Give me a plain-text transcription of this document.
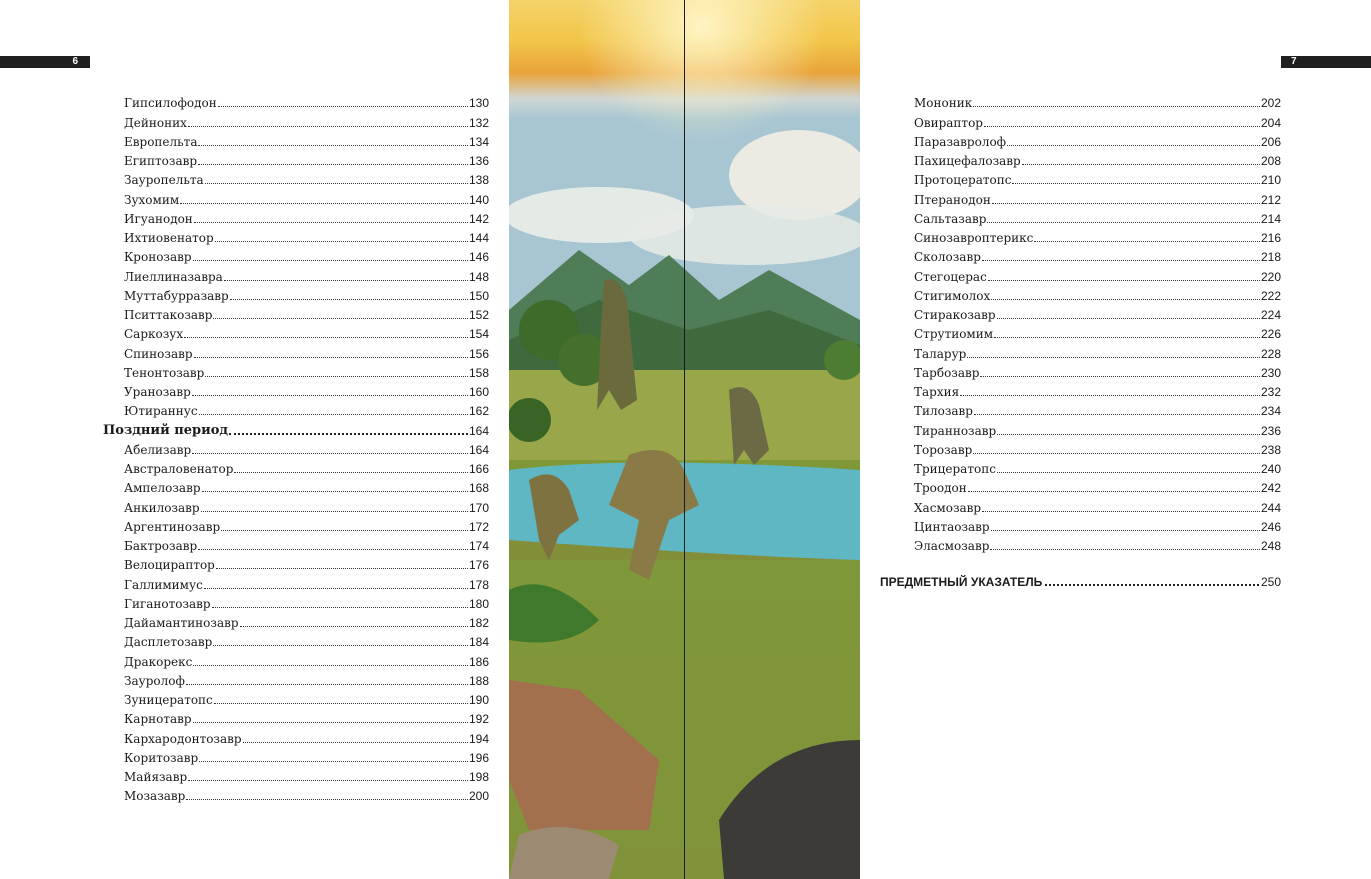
6	7
Гипсилофодон	130
Дейноних	132
Европельта	134
Египтозавр	136
Зауропельта	138
Зухомим	140
Игуанодон	142
Ихтиовенатор	144
Кронозавр	146
Лиеллиназавра	148
Муттабурразавр	150
Пситтакозавр	152
Саркозух	154
Спинозавр	156
Тенонтозавр	158
Уранозавр	160
Ютираннус	162
Поздний период	164
Абелизавр	164
Австраловенатор	166
Ампелозавр	168
Анкилозавр	170
Аргентинозавр	172
Бактрозавр	174
Велоцираптор	176
Галлимимус	178
Гиганотозавр	180
Дайамантинозавр	182
Дасплетозавр	184
Дракорекс	186
Зауролоф	188
Зуницератопс	190
Карнотавр	192
Кархародонтозавр	194
Коритозавр	196
Майязавр	198
Мозазавр	200
Мононик	202
Овирaптор	204
Паразавролоф	206
Пахицефалозавр	208
Протоцератопс	210
Птеранодон	212
Сальтазавр	214
Синозавроптерикс	216
Сколозавр	218
Стегоцерас	220
Стигимолох	222
Стиракозавр	224
Струтиомим	226
Талаpур	228
Тарбозавр	230
Тархия	232
Тилозавр	234
Тираннозавр	236
Торозавр	238
Трицератопс	240
Троодон	242
Хасмозавр	244
Цинтаозавр	246
Эласмозавр	248
ПРЕДМЕТНЫЙ УКАЗАТЕЛЬ	250
